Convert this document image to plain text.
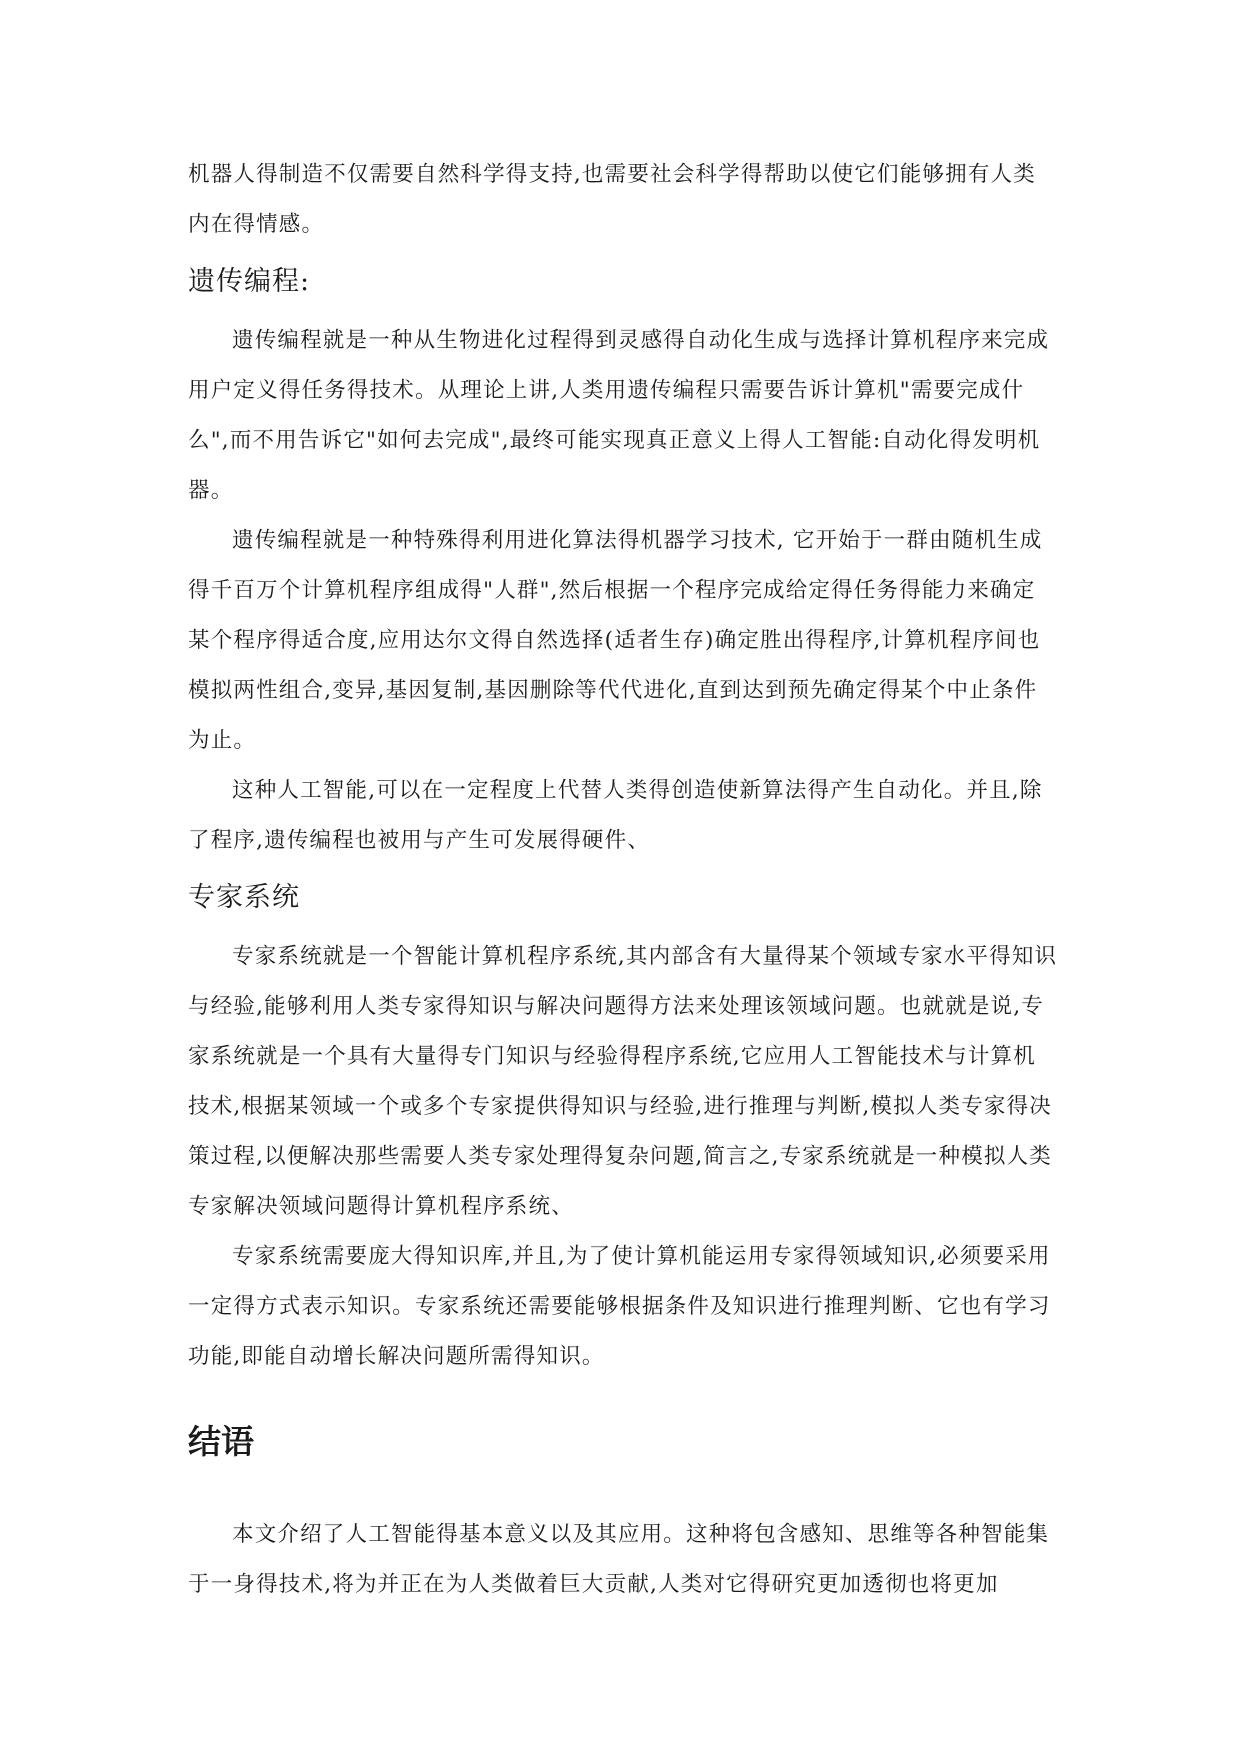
机器人得制造不仅需要自然科学得支持,也需要社会科学得帮助以使它们能够拥有人类内在得情感。

遗传编程:

遗传编程就是一种从生物进化过程得到灵感得自动化生成与选择计算机程序来完成用户定义得任务得技术。从理论上讲,人类用遗传编程只需要告诉计算机"需要完成什么",而不用告诉它"如何去完成",最终可能实现真正意义上得人工智能:自动化得发明机器。

遗传编程就是一种特殊得利用进化算法得机器学习技术, 它开始于一群由随机生成得千百万个计算机程序组成得"人群",然后根据一个程序完成给定得任务得能力来确定某个程序得适合度,应用达尔文得自然选择(适者生存)确定胜出得程序,计算机程序间也模拟两性组合,变异,基因复制,基因删除等代代进化,直到达到预先确定得某个中止条件为止。

这种人工智能,可以在一定程度上代替人类得创造使新算法得产生自动化。并且,除了程序,遗传编程也被用与产生可发展得硬件、

专家系统

专家系统就是一个智能计算机程序系统,其内部含有大量得某个领域专家水平得知识与经验,能够利用人类专家得知识与解决问题得方法来处理该领域问题。也就就是说,专家系统就是一个具有大量得专门知识与经验得程序系统,它应用人工智能技术与计算机技术,根据某领域一个或多个专家提供得知识与经验,进行推理与判断,模拟人类专家得决策过程,以便解决那些需要人类专家处理得复杂问题,简言之,专家系统就是一种模拟人类专家解决领域问题得计算机程序系统、

专家系统需要庞大得知识库,并且,为了使计算机能运用专家得领域知识,必须要采用一定得方式表示知识。专家系统还需要能够根据条件及知识进行推理判断、它也有学习功能,即能自动增长解决问题所需得知识。

结语

本文介绍了人工智能得基本意义以及其应用。这种将包含感知、思维等各种智能集于一身得技术,将为并正在为人类做着巨大贡献,人类对它得研究更加透彻也将更加
